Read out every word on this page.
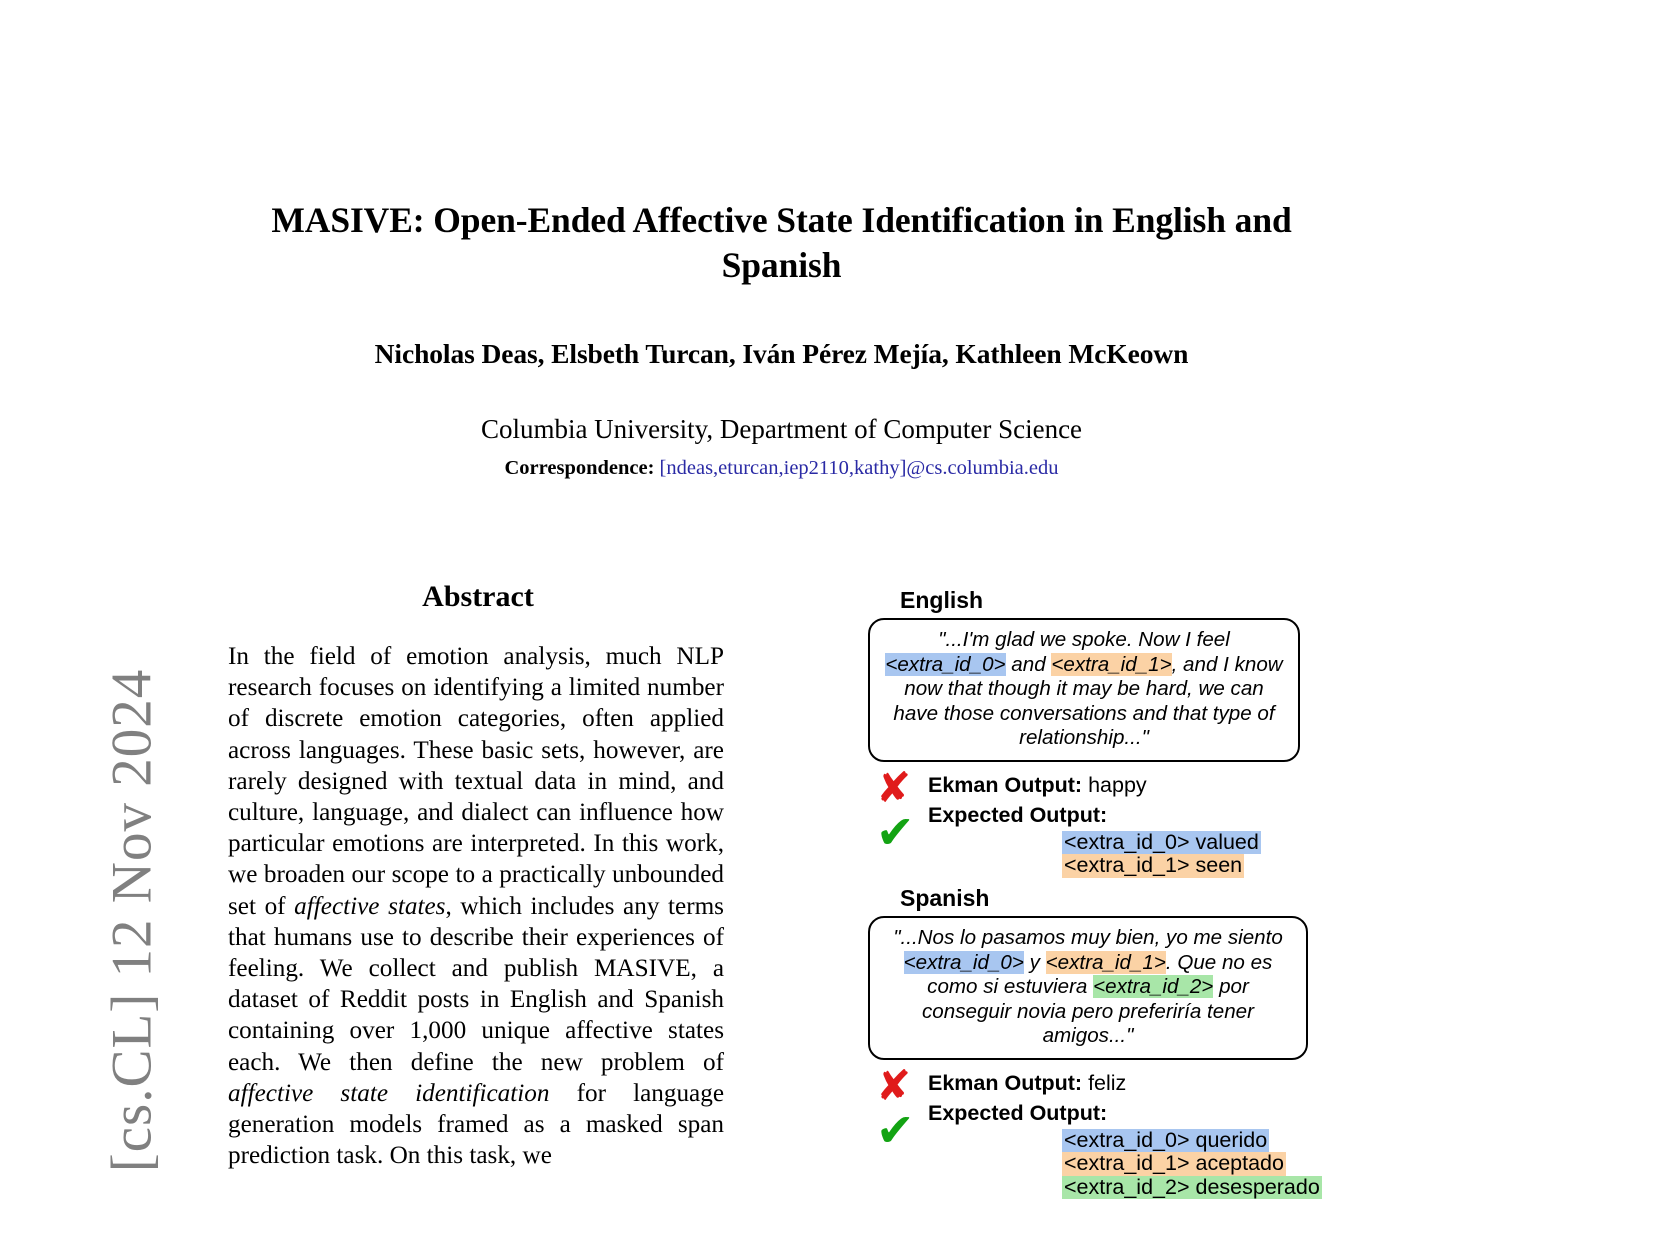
[cs.CL] 12 Nov 2024
MASIVE: Open-Ended Affective State Identification in English and Spanish
Nicholas Deas, Elsbeth Turcan, Iván Pérez Mejía, Kathleen McKeown
Columbia University, Department of Computer Science
Correspondence: [ndeas,eturcan,iep2110,kathy]@cs.columbia.edu
Abstract
In the field of emotion analysis, much NLP research focuses on identifying a limited number of discrete emotion categories, often applied across languages. These basic sets, however, are rarely designed with textual data in mind, and culture, language, and dialect can influence how particular emotions are interpreted. In this work, we broaden our scope to a practically unbounded set of affective states, which includes any terms that humans use to describe their experiences of feeling. We collect and publish MASIVE, a dataset of Reddit posts in English and Spanish containing over 1,000 unique affective states each. We then define the new problem of affective state identification for language generation models framed as a masked span prediction task. On this task, we
English
"...I'm glad we spoke. Now I feel <extra_id_0> and <extra_id_1>, and I know now that though it may be hard, we can have those conversations and that type of relationship..."
✘
✔
Ekman Output: happy
Expected Output:
<extra_id_0> valued
<extra_id_1> seen
Spanish
"...Nos lo pasamos muy bien, yo me siento <extra_id_0> y <extra_id_1>. Que no es como si estuviera <extra_id_2> por conseguir novia pero preferiría tener amigos..."
✘
✔
Ekman Output: feliz
Expected Output:
<extra_id_0> querido
<extra_id_1> aceptado
<extra_id_2> desesperado
